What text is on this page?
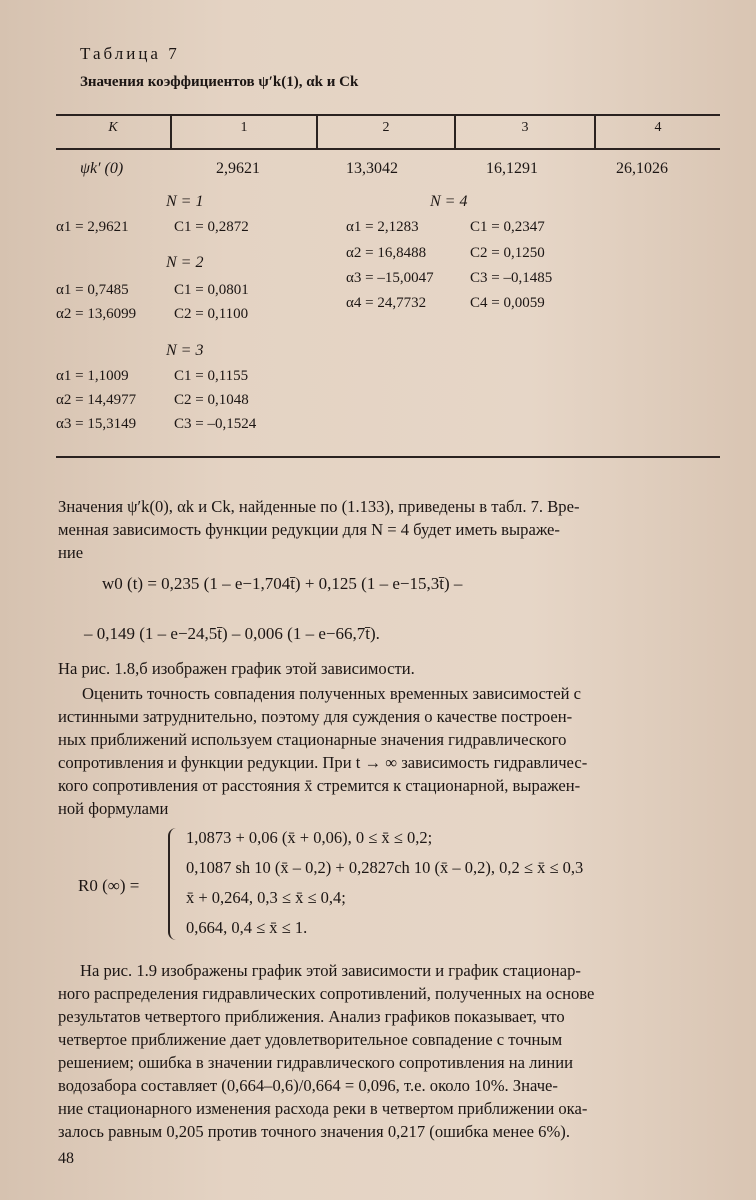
Таблица 7
Значения коэффициентов ψ′k(1), αk и Ck
K	1	2	3	4
ψk′ (0)	2,9621	13,3042	16,1291	26,1026
N = 1
α1 = 2,9621	C1 = 0,2872
N = 2
α1 = 0,7485	C1 = 0,0801
α2 = 13,6099	C2 = 0,1100
N = 3
α1 = 1,1009	C1 = 0,1155
α2 = 14,4977	C2 = 0,1048
α3 = 15,3149	C3 = –0,1524
N = 4
α1 = 2,1283	C1 = 0,2347
α2 = 16,8488	C2 = 0,1250
α3 = –15,0047 C3 = –0,1485
α4 = 24,7732	C4 = 0,0059
Значения ψ′k(0), αk и Ck, найденные по (1.133), приведены в табл. 7. Вре-
менная зависимость функции редукции для N = 4 будет иметь выраже-
ние
w0 (t) = 0,235 (1 – e−1,704t̄) + 0,125 (1 – e−15,3t̄) –
– 0,149 (1 – e−24,5t̄) – 0,006 (1 – e−66,7t̄).
На рис. 1.8,б изображен график этой зависимости.
Оценить точность совпадения полученных временных зависимостей с
истинными затруднительно, поэтому для суждения о качестве построен-
ных приближений используем стационарные значения гидравлического
сопротивления и функции редукции. При t → ∞ зависимость гидравличес-
кого сопротивления от расстояния x̄ стремится к стационарной, выражен-
ной формулами
R0 (∞) =
1,0873 + 0,06 (x̄ + 0,06), 0 ≤ x̄ ≤ 0,2;
0,1087 sh 10 (x̄ – 0,2) + 0,2827ch 10 (x̄ – 0,2), 0,2 ≤ x̄ ≤ 0,3
x̄ + 0,264, 0,3 ≤ x̄ ≤ 0,4;
0,664, 0,4 ≤ x̄ ≤ 1.
На рис. 1.9 изображены график этой зависимости и график стационар-
ного распределения гидравлических сопротивлений, полученных на основе
результатов четвертого приближения. Анализ графиков показывает, что
четвертое приближение дает удовлетворительное совпадение с точным
решением; ошибка в значении гидравлического сопротивления на линии
водозабора составляет (0,664–0,6)/0,664 = 0,096, т.е. около 10%. Значе-
ние стационарного изменения расхода реки в четвертом приближении ока-
залось равным 0,205 против точного значения 0,217 (ошибка менее 6%).
48
